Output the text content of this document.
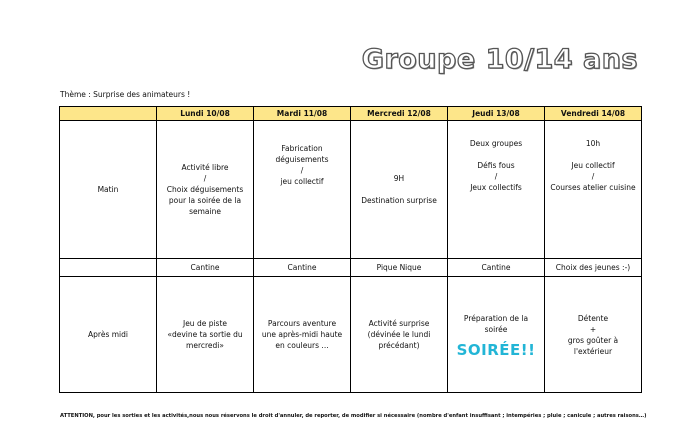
Groupe 10/14 ans
Thème : Surprise des animateurs !
	Lundi 10/08	Mardi 11/08	Mercredi 12/08	Jeudi 13/08	Vendredi 14/08
Matin	Activité libre
/
Choix déguisements
pour la soirée de la
semaine	Fabrication
déguisements
/
jeu collectif	9H

Destination surprise	Deux groupes

Défis fous
/
Jeux collectifs	10h

Jeu collectif
/
Courses atelier cuisine

	Cantine	Cantine	Pique Nique	Cantine	Choix des jeunes :-)
Après midi	Jeu de piste
«devine ta sortie du
mercredi»	Parcours aventure
une après-midi haute
en couleurs ...	Activité surprise
(dévinée le lundi
précédant)	Préparation de la
soirée
SOIRÉE!!	Détente
+
gros goûter à
l'extérieur
ATTENTION, pour les sorties et les activités,nous nous réservons le droit d'annuler, de reporter, de modifier si nécessaire (nombre d'enfant insuffisant ; intempéries ; pluie ; canicule ; autres raisons…)
